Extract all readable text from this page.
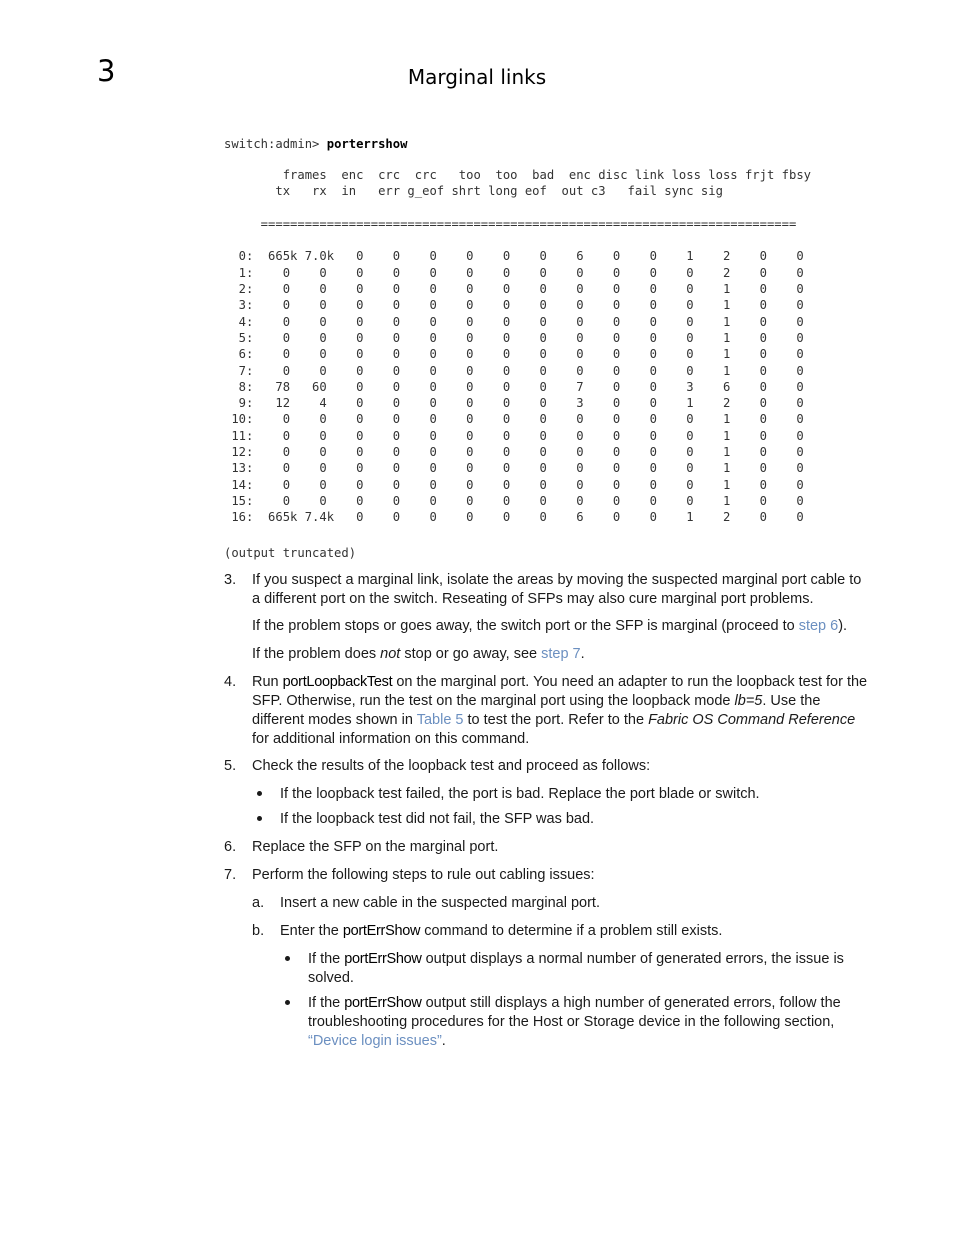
3	Marginal links
switch:admin> porterrshow
frames  enc  crc  crc   too  too  bad  enc disc link loss loss frjt fbsy
tx   rx  in   err g_eof shrt long eof  out c3   fail sync sig

=========================================================================

0:  665k 7.0k   0    0    0    0    0    0    6    0    0    1    2    0    0
1:    0    0    0    0    0    0    0    0    0    0    0    0    2    0    0
2:    0    0    0    0    0    0    0    0    0    0    0    0    1    0    0
3:    0    0    0    0    0    0    0    0    0    0    0    0    1    0    0
4:    0    0    0    0    0    0    0    0    0    0    0    0    1    0    0
5:    0    0    0    0    0    0    0    0    0    0    0    0    1    0    0
6:    0    0    0    0    0    0    0    0    0    0    0    0    1    0    0
7:    0    0    0    0    0    0    0    0    0    0    0    0    1    0    0
8:   78   60    0    0    0    0    0    0    7    0    0    3    6    0    0
9:   12    4    0    0    0    0    0    0    3    0    0    1    2    0    0
10:    0    0    0    0    0    0    0    0    0    0    0    0    1    0    0
11:    0    0    0    0    0    0    0    0    0    0    0    0    1    0    0
12:    0    0    0    0    0    0    0    0    0    0    0    0    1    0    0
13:    0    0    0    0    0    0    0    0    0    0    0    0    1    0    0
14:    0    0    0    0    0    0    0    0    0    0    0    0    1    0    0
15:    0    0    0    0    0    0    0    0    0    0    0    0    1    0    0
16:  665k 7.4k   0    0    0    0    0    0    6    0    0    1    2    0    0
(output truncated)
3. If you suspect a marginal link, isolate the areas by moving the suspected marginal port cable to a different port on the switch. Reseating of SFPs may also cure marginal port problems.
If the problem stops or goes away, the switch port or the SFP is marginal (proceed to step 6).
If the problem does not stop or go away, see step 7.
4. Run portLoopbackTest on the marginal port. You need an adapter to run the loopback test for the SFP. Otherwise, run the test on the marginal port using the loopback mode lb=5. Use the different modes shown in Table 5 to test the port. Refer to the Fabric OS Command Reference for additional information on this command.
5. Check the results of the loopback test and proceed as follows:
If the loopback test failed, the port is bad. Replace the port blade or switch.
If the loopback test did not fail, the SFP was bad.
6. Replace the SFP on the marginal port.
7. Perform the following steps to rule out cabling issues:
a. Insert a new cable in the suspected marginal port.
b. Enter the portErrShow command to determine if a problem still exists.
If the portErrShow output displays a normal number of generated errors, the issue is solved.
If the portErrShow output still displays a high number of generated errors, follow the troubleshooting procedures for the Host or Storage device in the following section, “Device login issues”.
